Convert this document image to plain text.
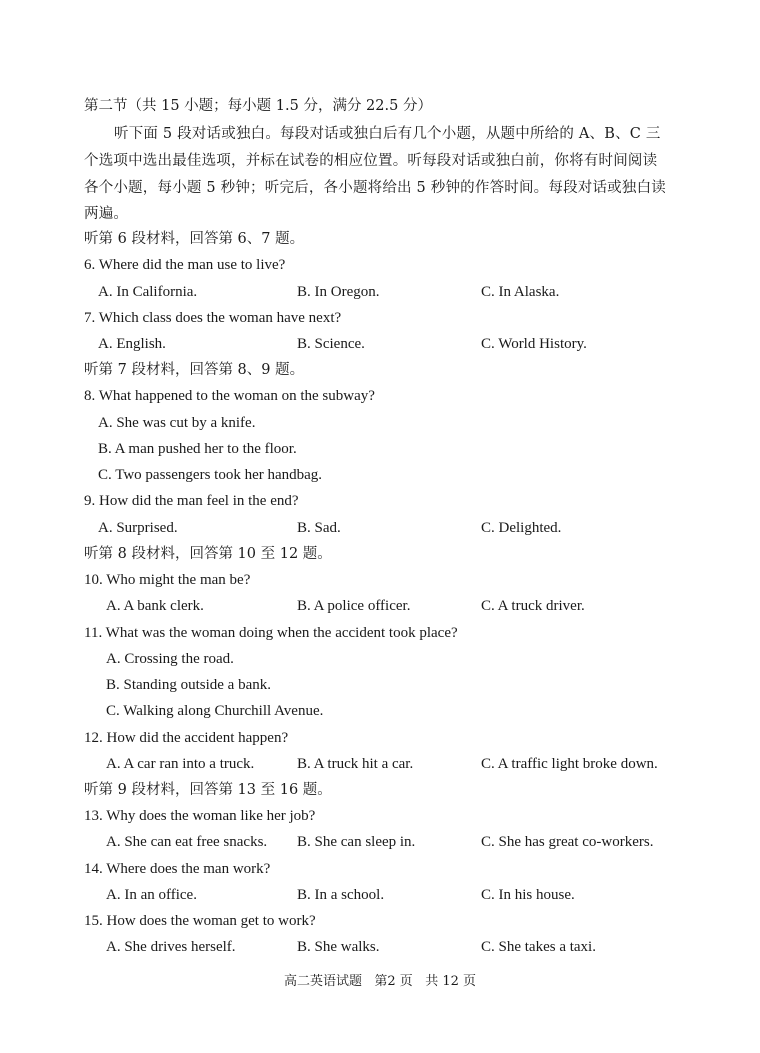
第二节（共 15 小题；每小题 1.5 分，满分 22.5 分）
听下面 5 段对话或独白。每段对话或独白后有几个小题，从题中所给的 A、B、C 三
个选项中选出最佳选项，并标在试卷的相应位置。听每段对话或独白前，你将有时间阅读
各个小题，每小题 5 秒钟；听完后，各小题将给出 5 秒钟的作答时间。每段对话或独白读
两遍。
听第 6 段材料，回答第 6、7 题。
6. Where did the man use to live?
A. In California.	B. In Oregon.	C. In Alaska.
7. Which class does the woman have next?
A. English.	B. Science.	C. World History.
听第 7 段材料，回答第 8、9 题。
8. What happened to the woman on the subway?
A. She was cut by a knife.
B. A man pushed her to the floor.
C. Two passengers took her handbag.
9. How did the man feel in the end?
A. Surprised.	B. Sad.	C. Delighted.
听第 8 段材料，回答第 10 至 12 题。
10. Who might the man be?
A. A bank clerk.	B. A police officer.	C. A truck driver.
11. What was the woman doing when the accident took place?
A. Crossing the road.
B. Standing outside a bank.
C. Walking along Churchill Avenue.
12. How did the accident happen?
A. A car ran into a truck.	B. A truck hit a car.	C. A traffic light broke down.
听第 9 段材料，回答第 13 至 16 题。
13. Why does the woman like her job?
A. She can eat free snacks. B. She can sleep in.	C. She has great co-workers.
14. Where does the man work?
A. In an office.	B. In a school.	C. In his house.
15. How does the woman get to work?
A. She drives herself.	B. She walks.	C. She takes a taxi.
高二英语试题 第2 页 共 12 页
